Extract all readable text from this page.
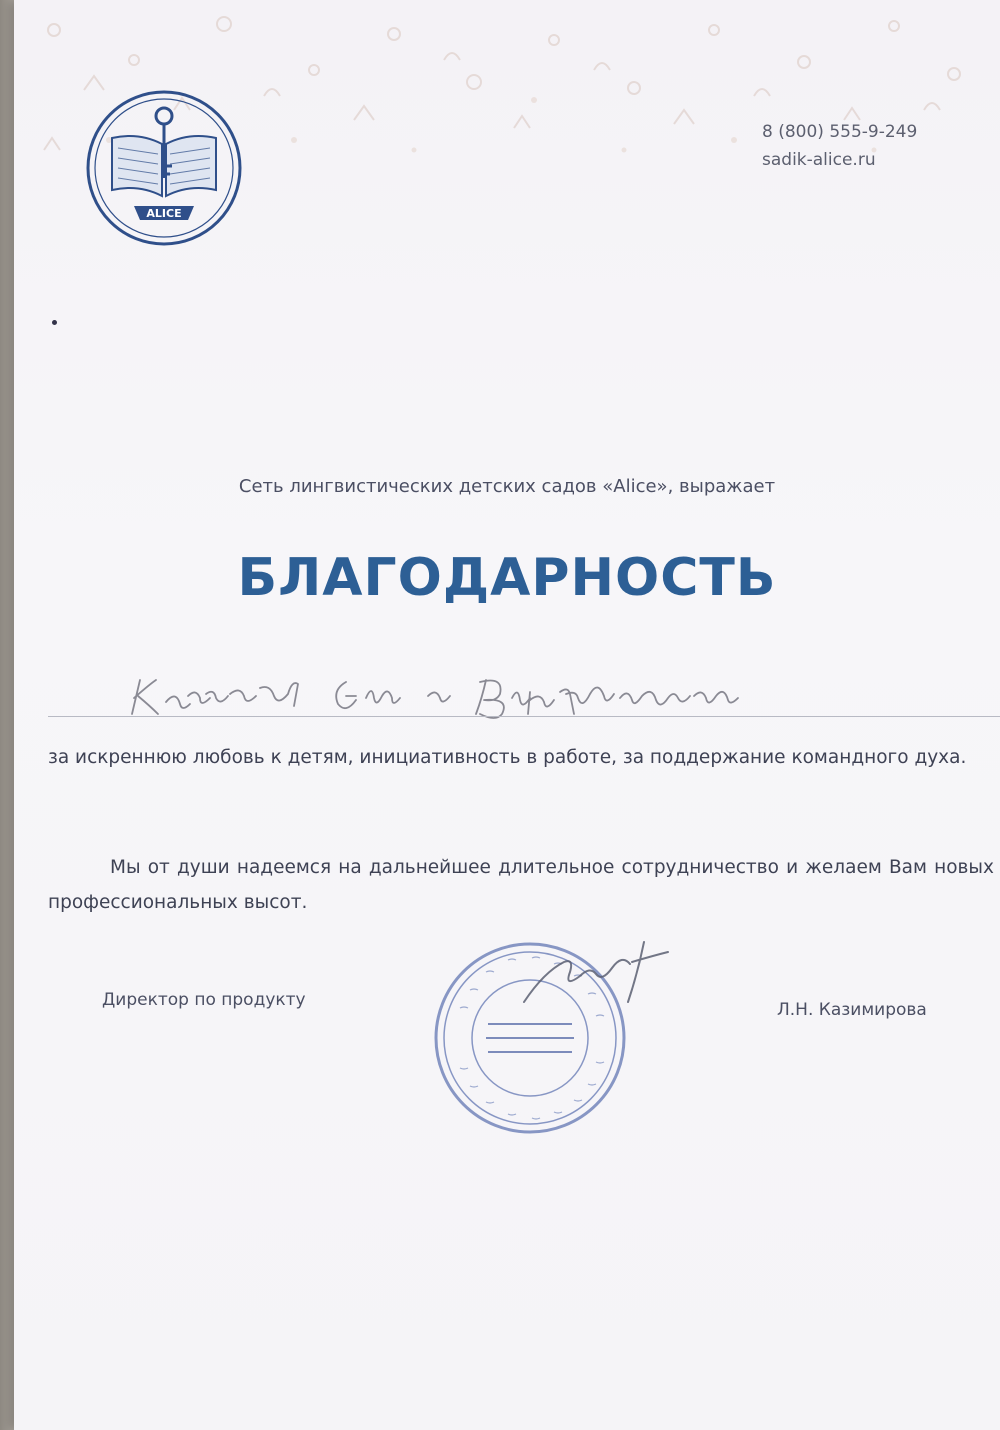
ALICE
8 (800) 555-9-249
sadik-alice.ru
Сеть лингвистических детских садов «Alice», выражает
БЛАГОДАРНОСТЬ
за искреннюю любовь к детям, инициативность в работе, за поддержание командного духа.
Мы от души надеемся на дальнейшее длительное сотрудничество и желаем Вам новых профессиональных высот.
Директор по продукту	Л.Н. Казимирова
